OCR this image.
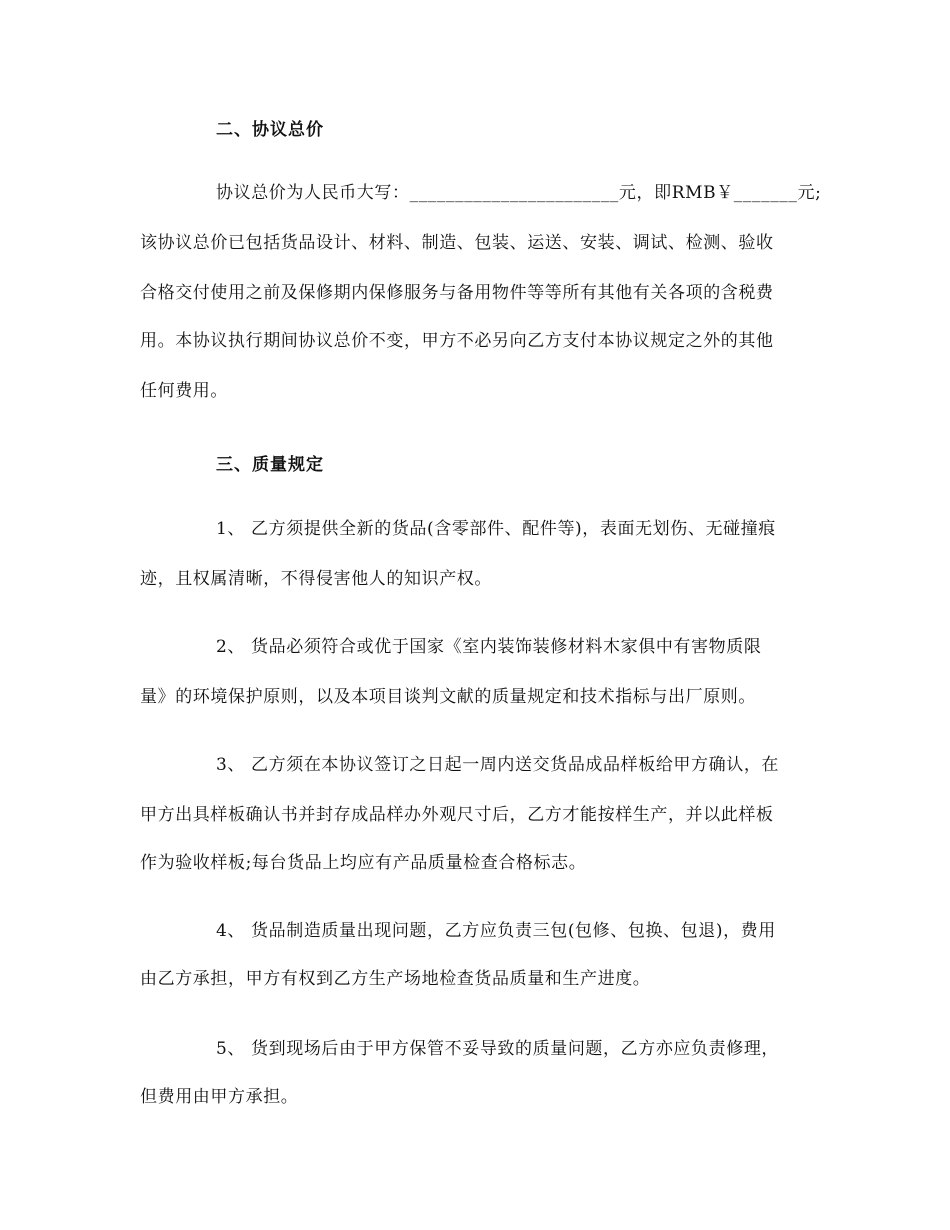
二、协议总价
协议总价为人民币大写：_______________________元，即RMB￥_______元;
该协议总价已包括货品设计、材料、制造、包装、运送、安装、调试、检测、验收
合格交付使用之前及保修期内保修服务与备用物件等等所有其他有关各项的含税费
用。本协议执行期间协议总价不变，甲方不必另向乙方支付本协议规定之外的其他
任何费用。
三、质量规定
1、 乙方须提供全新的货品(含零部件、配件等)，表面无划伤、无碰撞痕
迹，且权属清晰，不得侵害他人的知识产权。
2、 货品必须符合或优于国家《室内装饰装修材料木家俱中有害物质限
量》的环境保护原则，以及本项目谈判文献的质量规定和技术指标与出厂原则。
3、 乙方须在本协议签订之日起一周内送交货品成品样板给甲方确认，在
甲方出具样板确认书并封存成品样办外观尺寸后，乙方才能按样生产，并以此样板
作为验收样板;每台货品上均应有产品质量检查合格标志。
4、 货品制造质量出现问题，乙方应负责三包(包修、包换、包退)，费用
由乙方承担，甲方有权到乙方生产场地检查货品质量和生产进度。
5、 货到现场后由于甲方保管不妥导致的质量问题，乙方亦应负责修理，
但费用由甲方承担。
